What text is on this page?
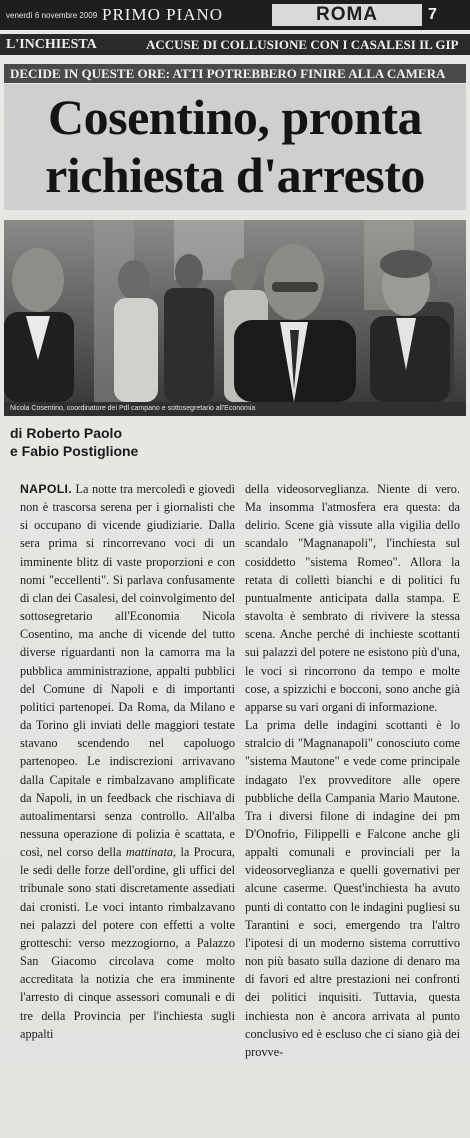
venerdì 6 novembre 2009 PRIMO PIANO	ROMA	7
L'INCHIESTA	ACCUSE DI COLLUSIONE CON I CASALESI IL GIP
DECIDE IN QUESTE ORE: ATTI POTREBBERO FINIRE ALLA CAMERA
Cosentino, pronta
richiesta d'arresto
Nicola Cosentino, coordinatore dei Pdl campano e sottosegretario all'Economia
di Roberto Paolo
e Fabio Postiglione

NAPOLI. La notte tra mercoledì e giovedì non è trascorsa serena per i giornalisti che si occupano di vicende giudiziarie. Dalla sera prima si rincorrevano voci di un imminente blitz di vaste proporzioni e con nomi "eccellenti". Si parlava confusamente di clan dei Casalesi, del coinvolgimento del sottosegretario all'Economia Nicola Cosentino, ma anche di vicende del tutto diverse riguardanti non la camorra ma la pubblica amministrazione, appalti pubblici del Comune di Napoli e di importanti politici partenopei. Da Roma, da Milano e da Torino gli inviati delle maggiori testate stavano scendendo nel capoluogo partenopeo. Le indiscrezioni arrivavano dalla Capitale e rimbalzavano amplificate da Napoli, in un feedback che rischiava di autoalimentarsi senza controllo. All'alba nessuna operazione di polizia è scattata, e così, nel corso della mattinata, la Procura, le sedi delle forze dell'ordine, gli uffici del tribunale sono stati discretamente assediati dai cronisti. Le voci intanto rimbalzavano nei palazzi del potere con effetti a volte grotteschi: verso mezzogiorno, a Palazzo San Giacomo circolava come molto accreditata la notizia che era imminente l'arresto di cinque assessori comunali e di tre della Provincia per l'inchiesta sugli appalti

della videosorveglianza. Niente di vero. Ma insomma l'atmosfera era questa: da delirio. Scene già vissute alla vigilia dello scandalo "Magnanapoli", l'inchiesta sul cosiddetto "sistema Romeo". Allora la retata di colletti bianchi e di politici fu puntualmente anticipata dalla stampa. E stavolta è sembrato di rivivere la stessa scena. Anche perché di inchieste scottanti sui palazzi del potere ne esistono più d'una, le voci si rincorrono da tempo e molte cose, a spizzichi e bocconi, sono anche già apparse su vari organi di informazione.

La prima delle indagini scottanti è lo stralcio di "Magnanapoli" conosciuto come "sistema Mautone" e vede come principale indagato l'ex provveditore alle opere pubbliche della Campania Mario Mautone. Tra i diversi filone di indagine dei pm D'Onofrio, Filippelli e Falcone anche gli appalti comunali e provinciali per la videosorveglianza e quelli governativi per alcune caserme. Quest'inchiesta ha avuto punti di contatto con le indagini pugliesi su Tarantini e soci, emergendo tra l'altro l'ipotesi di un moderno sistema corruttivo non più basato sulla dazione di denaro ma di favori ed altre prestazioni nei confronti dei politici inquisiti. Tuttavia, questa inchiesta non è ancora arrivata al punto conclusivo ed è escluso che ci siano già dei provve-
